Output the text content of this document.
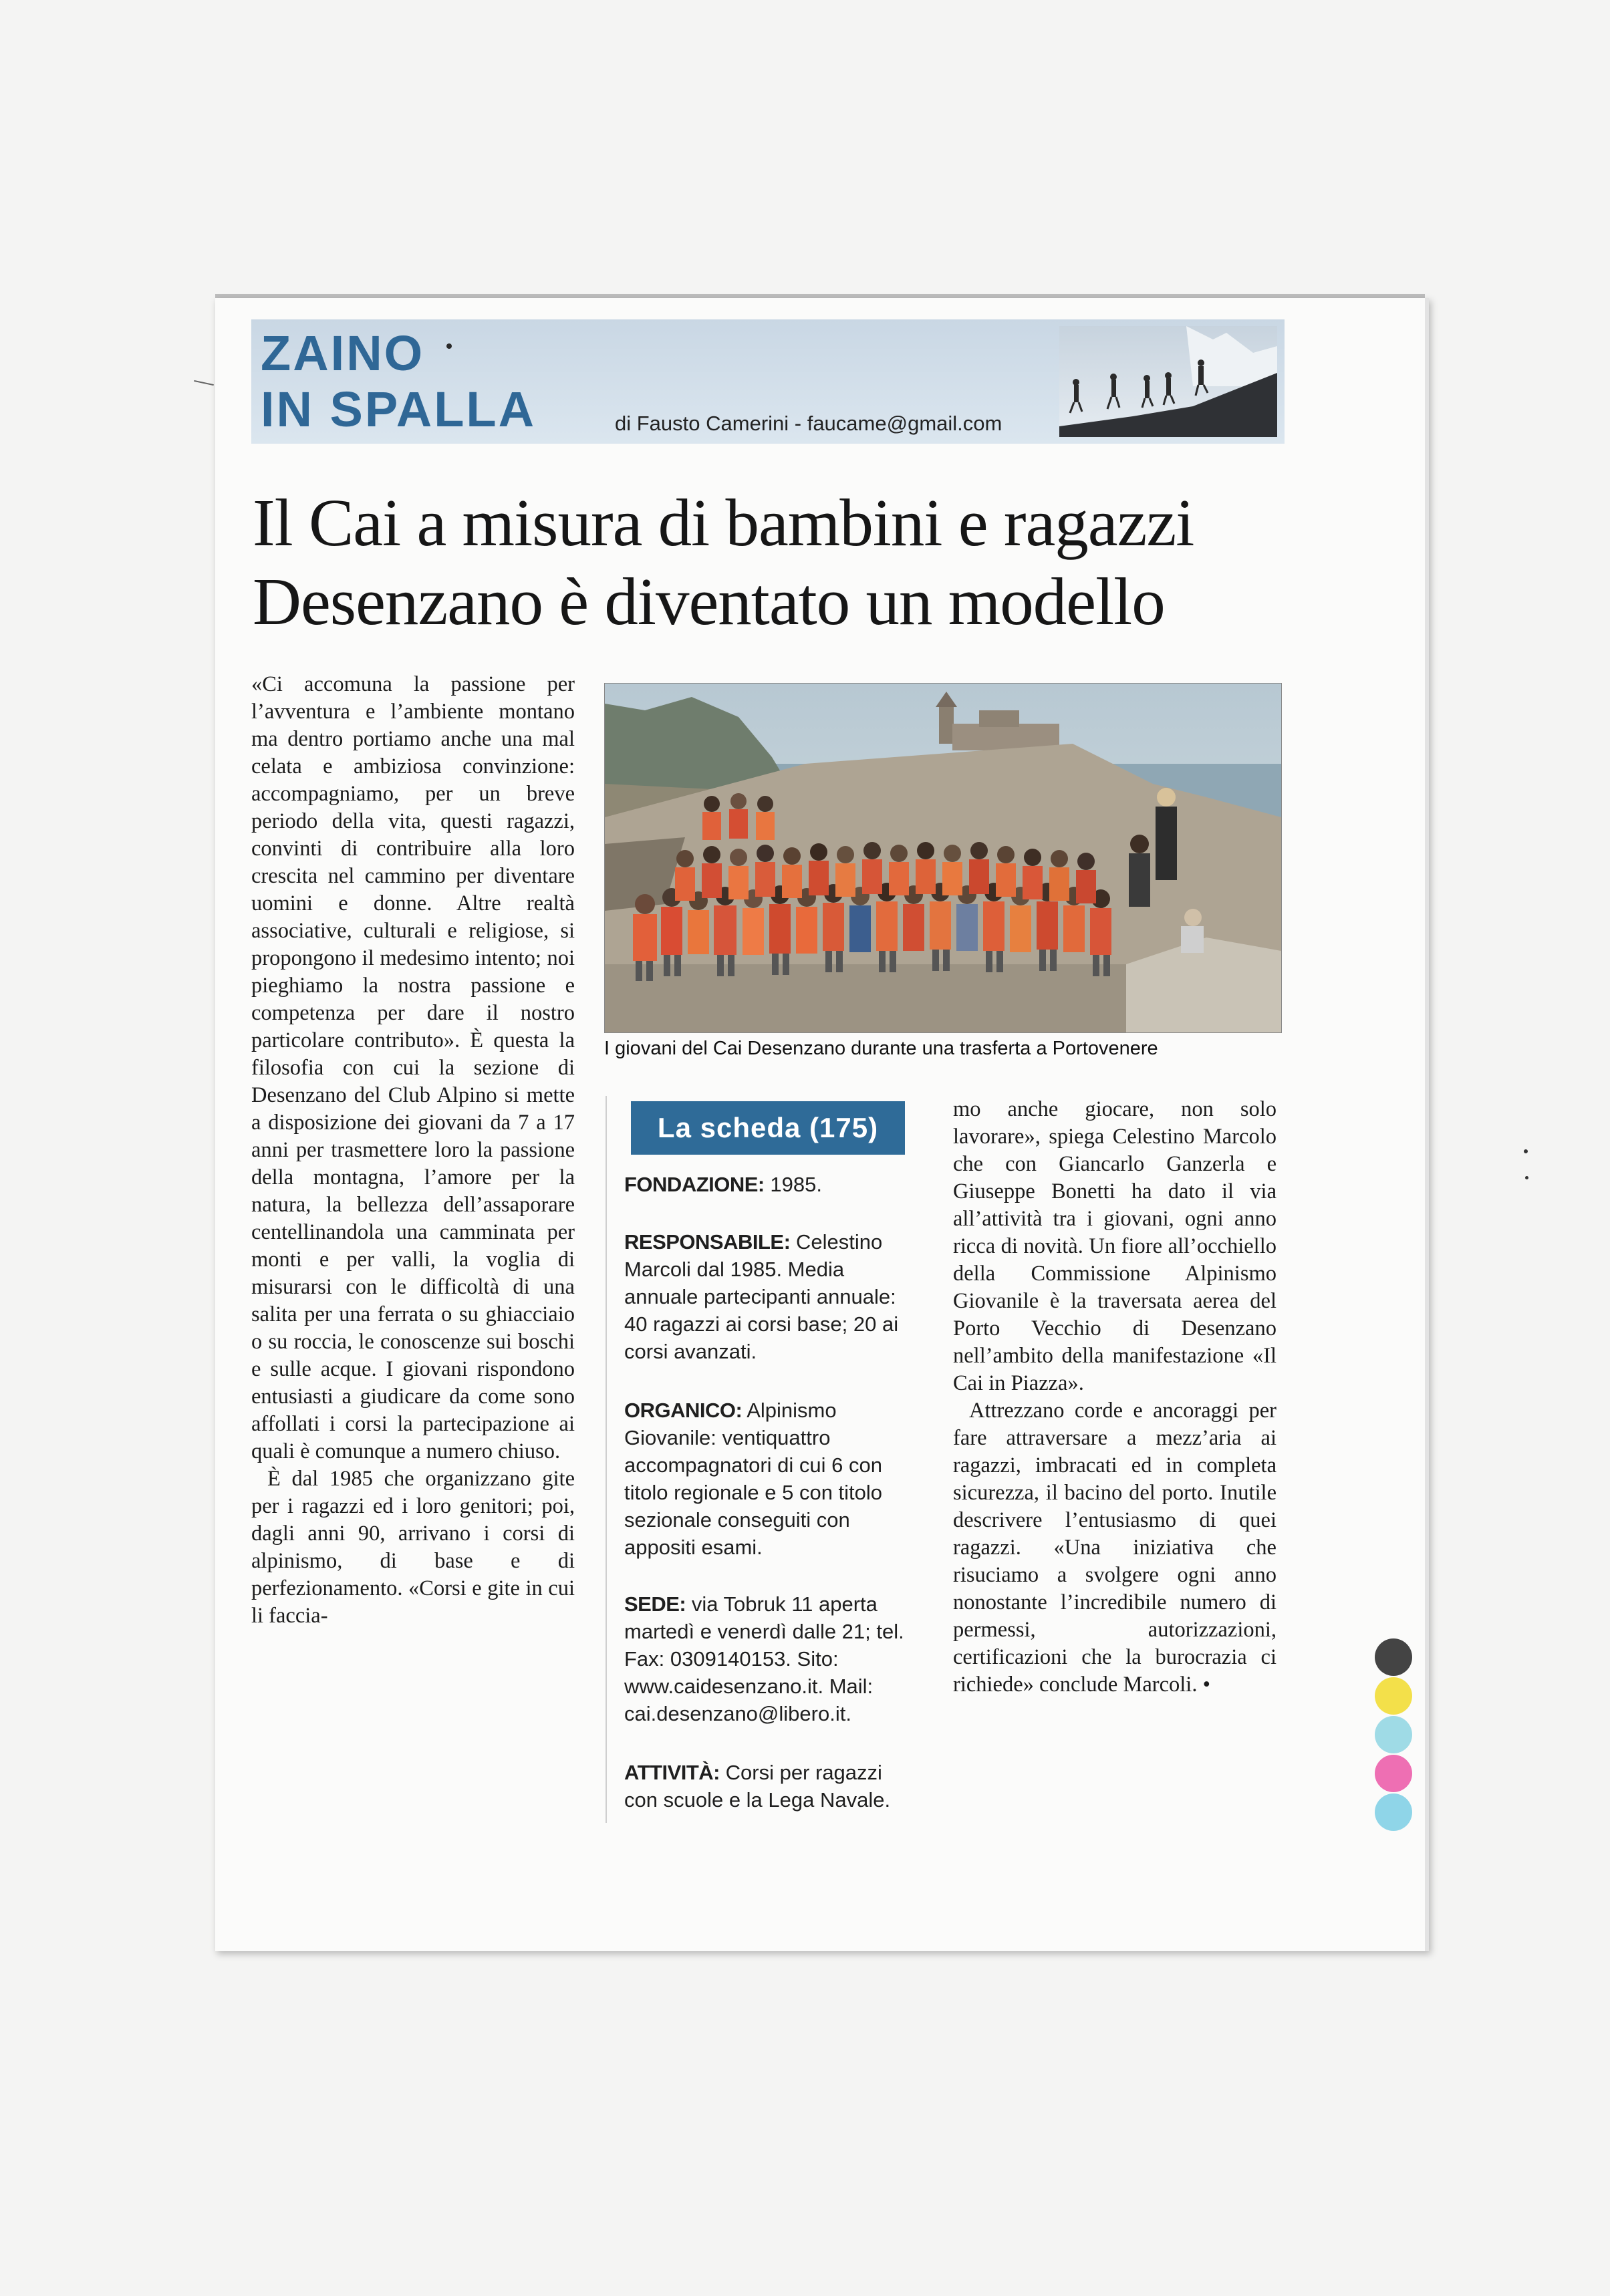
ZAINO
IN SPALLA	di Fausto Camerini - faucame@gmail.com
Il Cai a misura di bambini e ragazzi
Desenzano è diventato un modello

«Ci accomuna la passione per l’avventura e l’ambiente montano ma dentro portiamo anche una mal celata e ambiziosa convinzione: accompagniamo, per un breve periodo della vita, questi ragazzi, convinti di contribuire alla loro crescita nel cammino per diventare uomini e donne. Altre realtà associative, culturali e religiose, si propongono il medesimo intento; noi pieghiamo la nostra passione e competenza per dare il nostro particolare contributo». È questa la filosofia con cui la sezione di Desenzano del Club Alpino si mette a disposizione dei giovani da 7 a 17 anni per trasmettere loro la passione della montagna, l’amore per la natura, la bellezza dell’assaporare centellinandola una camminata per monti e per valli, la voglia di misurarsi con le difficoltà di una salita per una ferrata o su ghiacciaio o su roccia, le conoscenze sui boschi e sulle acque. I giovani rispondono entusiasti a giudicare da come sono affollati i corsi la partecipazione ai quali è comunque a numero chiuso.

È dal 1985 che organizzano gite per i ragazzi ed i loro genitori; poi, dagli anni 90, arrivano i corsi di alpinismo, di base e di perfezionamento. «Corsi e gite in cui li faccia-

I giovani del Cai Desenzano durante una trasferta a Portovenere
La scheda (175)
FONDAZIONE: 1985.
RESPONSABILE: Celestino Marcoli dal 1985. Media annuale partecipanti annuale: 40 ragazzi ai corsi base; 20 ai corsi avanzati.
ORGANICO: Alpinismo Giovanile: ventiquattro accompagnatori di cui 6 con titolo regionale e 5 con titolo sezionale conseguiti con appositi esami.
SEDE: via Tobruk 11 aperta martedì e venerdì dalle 21; tel. Fax: 0309140153. Sito: www.caidesenzano.it. Mail: cai.desenzano@libero.it.
ATTIVITÀ: Corsi per ragazzi con scuole e la Lega Navale.

mo anche giocare, non solo lavorare», spiega Celestino Marcolo che con Giancarlo Ganzerla e Giuseppe Bonetti ha dato il via all’attività tra i giovani, ogni anno ricca di novità. Un fiore all’occhiello della Commissione Alpinismo Giovanile è la traversata aerea del Porto Vecchio di Desenzano nell’ambito della manifestazione «Il Cai in Piazza».

Attrezzano corde e ancoraggi per fare attraversare a mezz’aria ai ragazzi, imbracati ed in completa sicurezza, il bacino del porto. Inutile descrivere l’entusiasmo di quei ragazzi. «Una iniziativa che risuciamo a svolgere ogni anno nonostante l’incredibile numero di permessi, autorizzazioni, certificazioni che la burocrazia ci richiede» conclude Marcoli. •
